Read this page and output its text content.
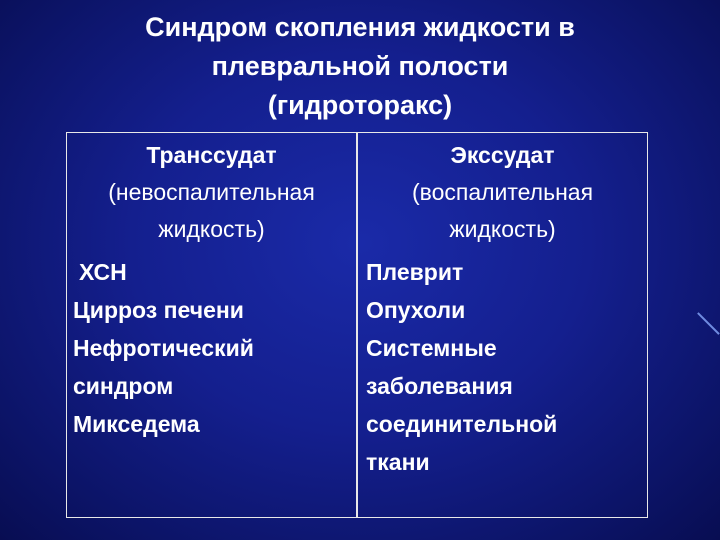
Синдром скопления жидкости в
плевральной полости
(гидроторакс)
Транссудат
(невоспалительная
жидкость)
ХСН
Цирроз печени
Нефротический
синдром
Микседема
Экссудат
(воспалительная
жидкость)
Плеврит
Опухоли
Системные
заболевания
соединительной
ткани
